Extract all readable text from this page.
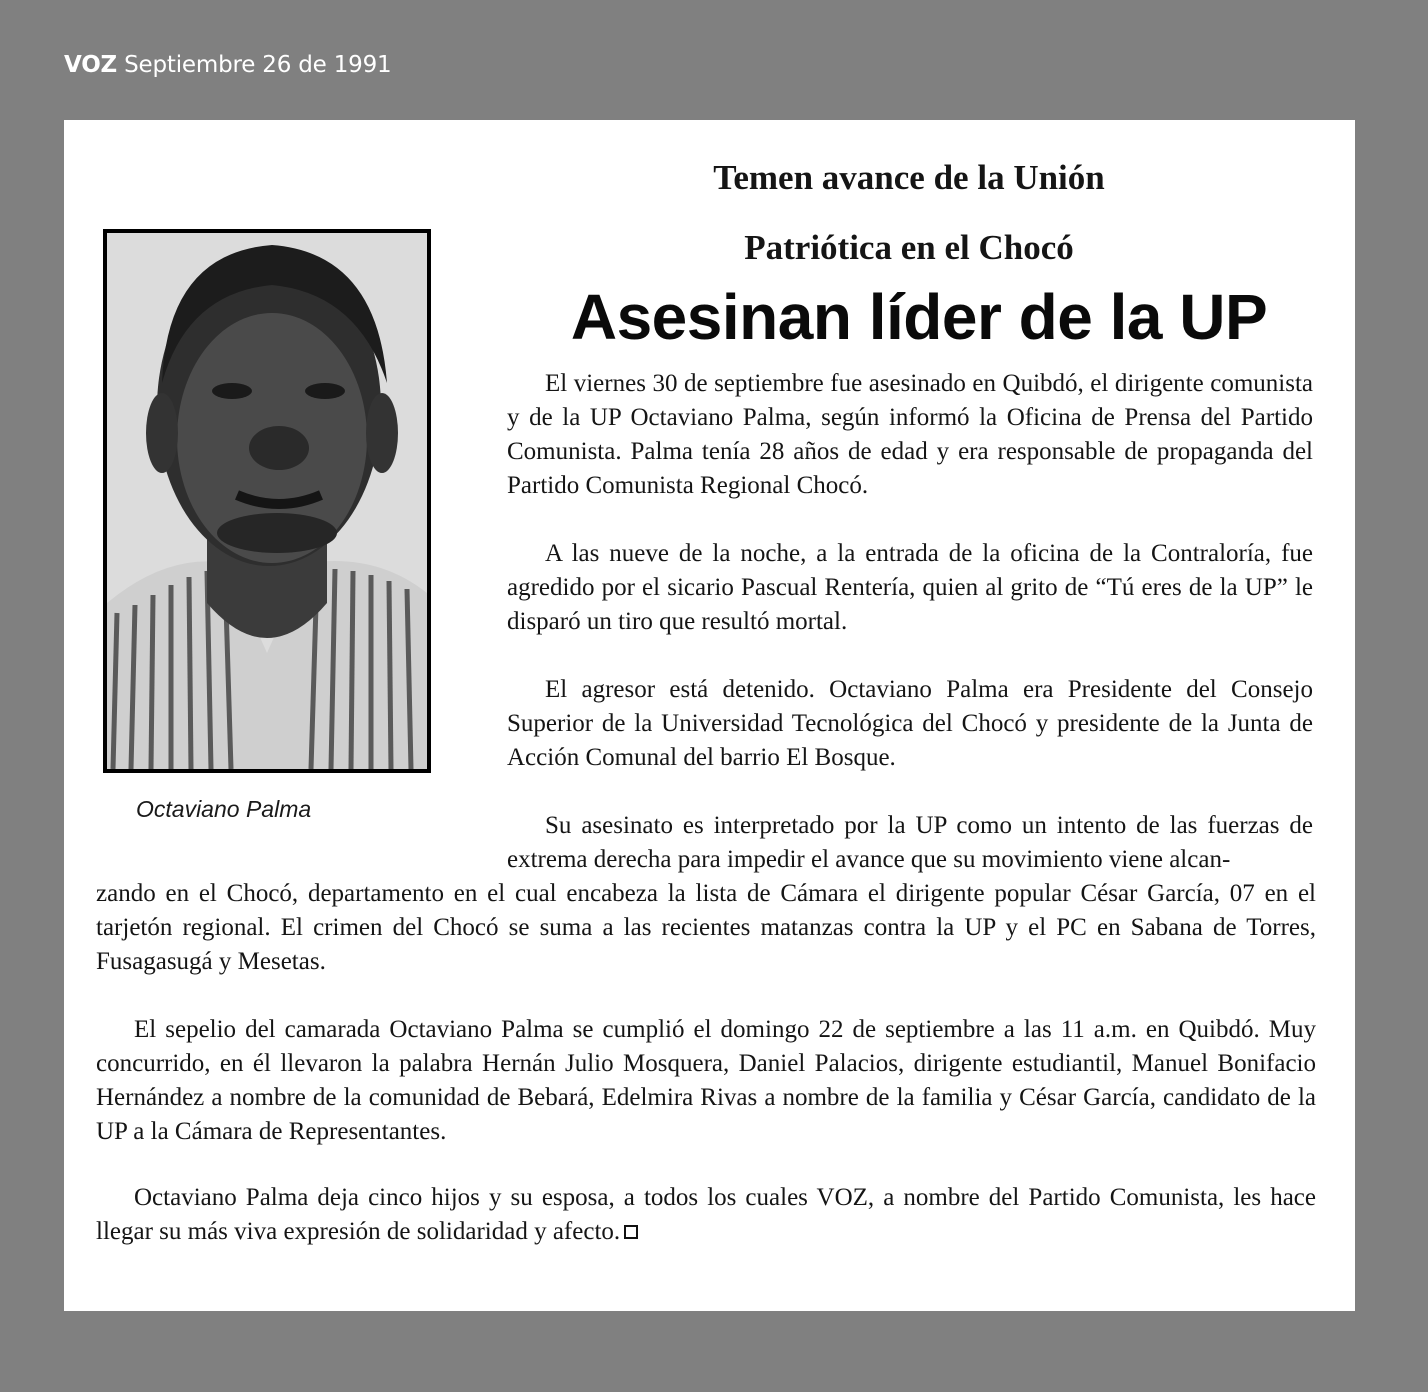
VOZ Septiembre 26 de 1991
Temen avance de la Unión
Patriótica en el Chocó
Asesinan líder de la UP
Octaviano Palma

El viernes 30 de septiembre fue asesinado en Quibdó, el dirigente comunista y de la UP Octaviano Palma, según informó la Oficina de Prensa del Partido Comunista. Palma tenía 28 años de edad y era responsable de propaganda del Partido Comunista Regional Chocó.

A las nueve de la noche, a la entrada de la oficina de la Contraloría, fue agredido por el sicario Pascual Rentería, quien al grito de “Tú eres de la UP” le disparó un tiro que resultó mortal.

El agresor está detenido. Octaviano Palma era Presidente del Consejo Superior de la Universidad Tecnológica del Chocó y presidente de la Junta de Acción Comunal del barrio El Bosque.

Su asesinato es interpretado por la UP como un intento de las fuerzas de extrema derecha para impedir el avance que su movimiento viene alcan-

zando en el Chocó, departamento en el cual encabeza la lista de Cámara el dirigente popular César García, 07 en el tarjetón regional. El crimen del Chocó se suma a las recientes matanzas contra la UP y el PC en Sabana de Torres, Fusagasugá y Mesetas.

El sepelio del camarada Octaviano Palma se cumplió el domingo 22 de septiembre a las 11 a.m. en Quibdó. Muy concurrido, en él llevaron la palabra Hernán Julio Mosquera, Daniel Palacios, dirigente estudiantil, Manuel Bonifacio Hernández a nombre de la comunidad de Bebará, Edelmira Rivas a nombre de la familia y César García, candidato de la UP a la Cámara de Representantes.

Octaviano Palma deja cinco hijos y su esposa, a todos los cuales VOZ, a nombre del Partido Comunista, les hace llegar su más viva expresión de solidaridad y afecto.
